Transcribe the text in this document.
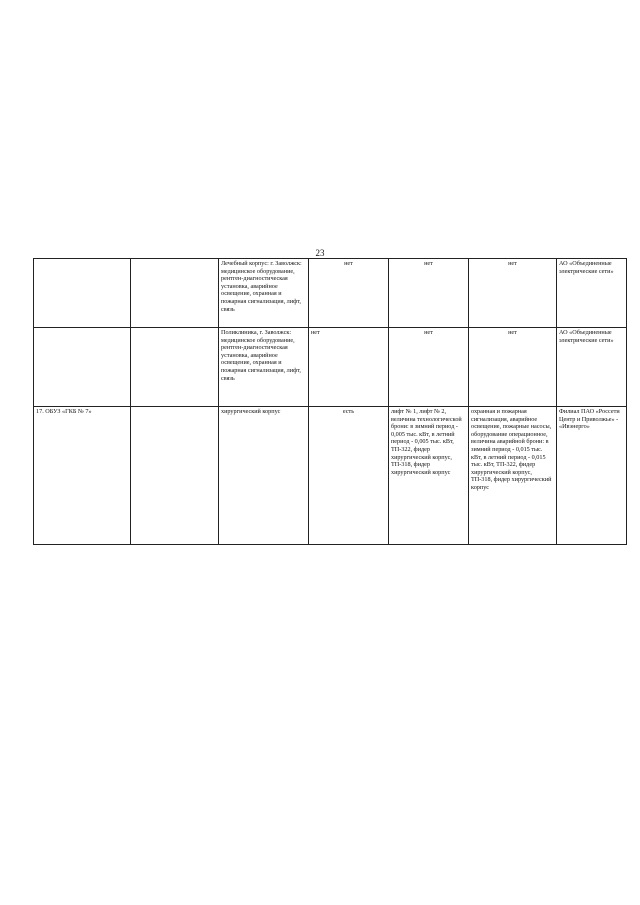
23
		Лечебный корпус: г. Заволжск: медицинское оборудование, рентген-диагностическая установка, аварийное освещение, охранная и пожарная сигнализация, лифт, связь	нет	нет	нет	АО «Объединенные электрические сети»
		Поликлиника, г. Заволжск: медицинское оборудование, рентген-диагностическая установка, аварийное освещение, охранная и пожарная сигнализация, лифт, связь	нет	нет	нет	АО «Объединенные электрические сети»
17. ОБУЗ «ГКБ № 7»		хирургический корпус	есть	лифт № 1, лифт № 2, величина технологической брони: в зимний период - 0,005 тыс. кВт, в летний период - 0,005 тыс. кВт, ТП-322, фидер хирургический корпус, ТП-318, фидер хирургический корпус	охранная и пожарная сигнализация, аварийное освещение, пожарные насосы, оборудование операционное, величина аварийной брони: в зимний период - 0,015 тыс. кВт, в летний период - 0,015 тыс. кВт, ТП-322, фидер хирургический корпус, ТП-318, фидер хирургический корпус	Филиал ПАО «Россети Центр и Приволжье» - «Ивэнерго»
